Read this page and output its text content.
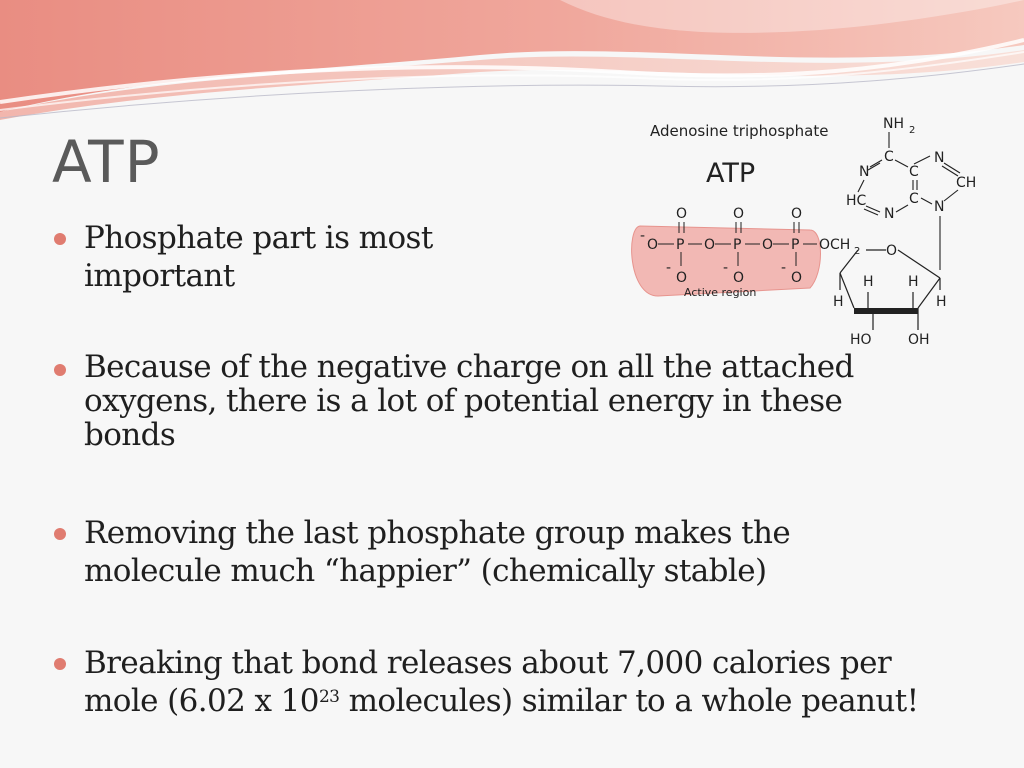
ATP
Phosphate part is most
important
Because of the negative charge on all the attached
oxygens, there is a lot of potential energy in these
bonds
Removing the last phosphate group makes the
molecule much “happier” (chemically stable)
Breaking that bond releases about 7,000 calories per
mole (6.02 x $10^{23}$ molecules) similar to a whole peanut!
Adenosine triphosphate
ATP
O	O	O
-
O P O P O P OCH 2
-
O
-
O
-
O
Active region
O
H H
H	H
HO	OH
NH 2
C
N	C
N
CH
HC	C
N	N
